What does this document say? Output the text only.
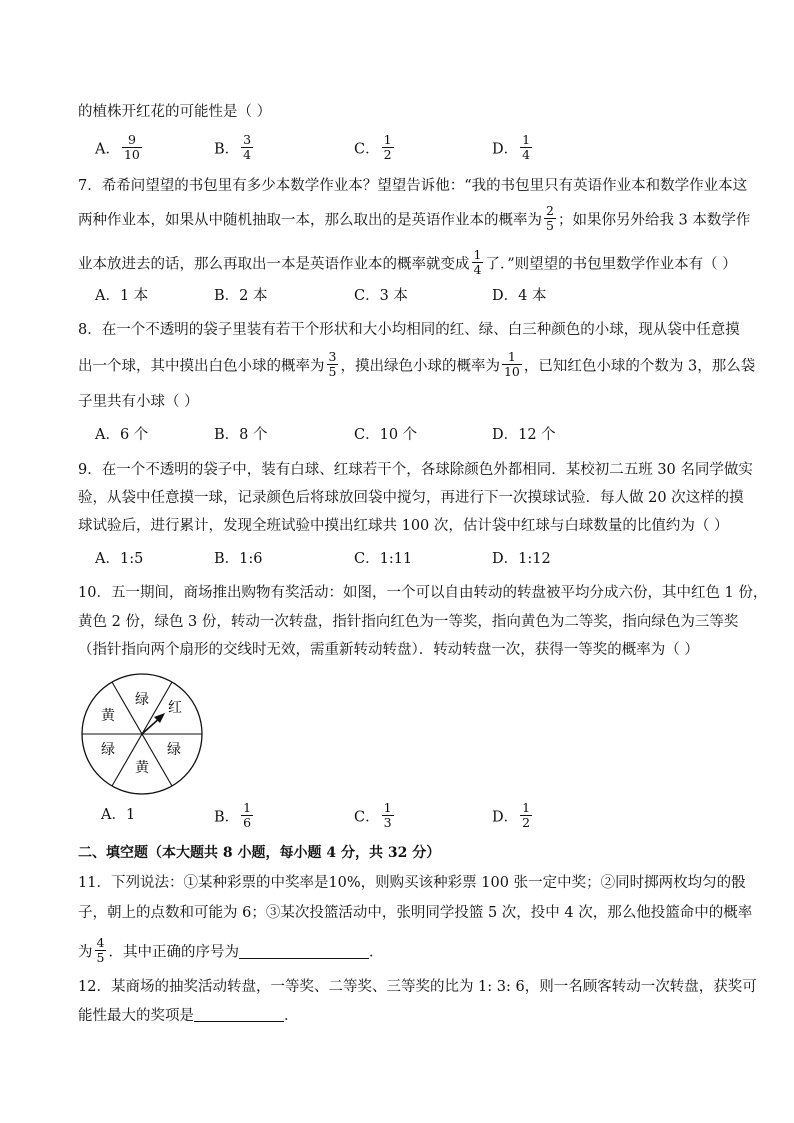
的植株开红花的可能性是（ ）
A． $\frac{9}{10}$	B． $\frac{3}{4}$	C． $\frac{1}{2}$	D． $\frac{1}{4}$
7．希希问望望的书包里有多少本数学作业本？望望告诉他：“我的书包里只有英语作业本和数学作业本这
两种作业本，如果从中随机抽取一本，那么取出的是英语作业本的概率为 $\frac{2}{5}$ ；如果你另外给我 3 本数学作
业本放进去的话，那么再取出一本是英语作业本的概率就变成 $\frac{1}{4}$ 了．”则望望的书包里数学作业本有（ ）
A．1 本	B．2 本	C．3 本	D．4 本
8．在一个不透明的袋子里装有若干个形状和大小均相同的红、绿、白三种颜色的小球，现从袋中任意摸
出一个球，其中摸出白色小球的概率为 $\frac{3}{5}$ ，摸出绿色小球的概率为 $\frac{1}{10}$ ，已知红色小球的个数为 3，那么袋
子里共有小球（ ）
A．6 个	B．8 个	C．10 个	D．12 个
9．在一个不透明的袋子中，装有白球、红球若干个，各球除颜色外都相同．某校初二五班 30 名同学做实
验，从袋中任意摸一球，记录颜色后将球放回袋中搅匀，再进行下一次摸球试验．每人做 20 次这样的摸
球试验后，进行累计，发现全班试验中摸出红球共 100 次，估计袋中红球与白球数量的比值约为（ ）
A．1:5	B．1:6	C．1:11	D．1:12
10．五一期间，商场推出购物有奖活动：如图，一个可以自由转动的转盘被平均分成六份，其中红色 1 份，
黄色 2 份，绿色 3 份，转动一次转盘，指针指向红色为一等奖，指向黄色为二等奖，指向绿色为三等奖
（指针指向两个扇形的交线时无效，需重新转动转盘）．转动转盘一次，获得一等奖的概率为（ ）
绿 红
绿
黄
绿
黄
A．1	B． $\frac{1}{6}$	C． $\frac{1}{3}$	D． $\frac{1}{2}$
二、填空题（本大题共 8 小题，每小题 4 分，共 32 分）
11．下列说法：①某种彩票的中奖率是10%，则购买该种彩票 100 张一定中奖；②同时掷两枚均匀的骰
子，朝上的点数和可能为 6；③某次投篮活动中，张明同学投篮 5 次，投中 4 次，那么他投篮命中的概率
为 $\frac{4}{5}$ ．其中正确的序号为	．
12．某商场的抽奖活动转盘，一等奖、二等奖、三等奖的比为 1: 3: 6，则一名顾客转动一次转盘，获奖可
能性最大的奖项是	．
